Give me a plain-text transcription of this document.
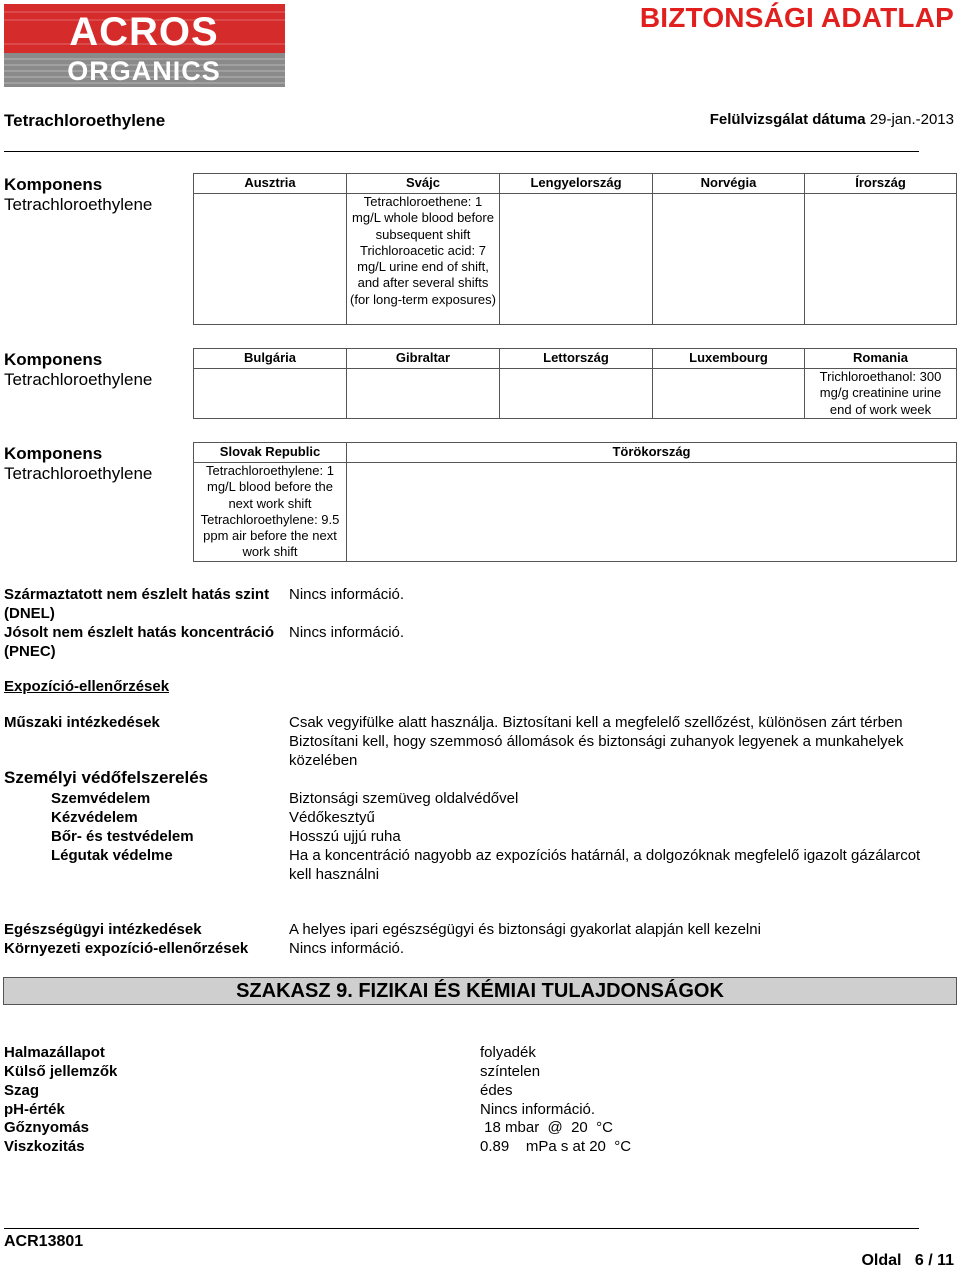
ACROS
ORGANICS
BIZTONSÁGI ADATLAP
Tetrachloroethylene	Felülvizsgálat dátuma 29-jan.-2013
Komponens
Tetrachloroethylene
Ausztria	Svájc	Lengyelország	Norvégia	Írország
	Tetrachloroethene: 1 mg/L whole blood before subsequent shift Trichloroacetic acid: 7 mg/L urine end of shift, and after several shifts (for long-term exposures)			
Komponens
Tetrachloroethylene
Bulgária	Gibraltar	Lettország	Luxembourg	Romania
				Trichloroethanol: 300 mg/g creatinine urine end of work week
Komponens
Tetrachloroethylene
Slovak Republic	Törökország
Tetrachloroethylene: 1 mg/L blood before the next work shift Tetrachloroethylene: 9.5 ppm air before the next work shift	
Származtatott nem észlelt hatás szint
(DNEL)
Nincs információ.
Jósolt nem észlelt hatás koncentráció
(PNEC)
Nincs információ.
Expozíció-ellenőrzések
Műszaki intézkedések	Csak vegyifülke alatt használja. Biztosítani kell a megfelelő szellőzést, különösen zárt térben
Biztosítani kell, hogy szemmosó állomások és biztonsági zuhanyok legyenek a munkahelyek
közelében
Személyi védőfelszerelés
Szemvédelem	Biztonsági szemüveg oldalvédővel
Kézvédelem	Védőkesztyű
Bőr- és testvédelem	Hosszú ujjú ruha
Légutak védelme	Ha a koncentráció nagyobb az expozíciós határnál, a dolgozóknak megfelelő igazolt gázálarcot
kell használni
Egészségügyi intézkedések	A helyes ipari egészségügyi és biztonsági gyakorlat alapján kell kezelni
Környezeti expozíció-ellenőrzések	Nincs információ.
SZAKASZ 9. FIZIKAI ÉS KÉMIAI TULAJDONSÁGOK
Halmazállapot	folyadék
Külső jellemzők	színtelen
Szag	édes
pH-érték	Nincs információ.
Gőznyomás	18 mbar  @  20  °C
Viszkozitás	0.89    mPa s at 20  °C
ACR13801
Oldal 6 / 11
